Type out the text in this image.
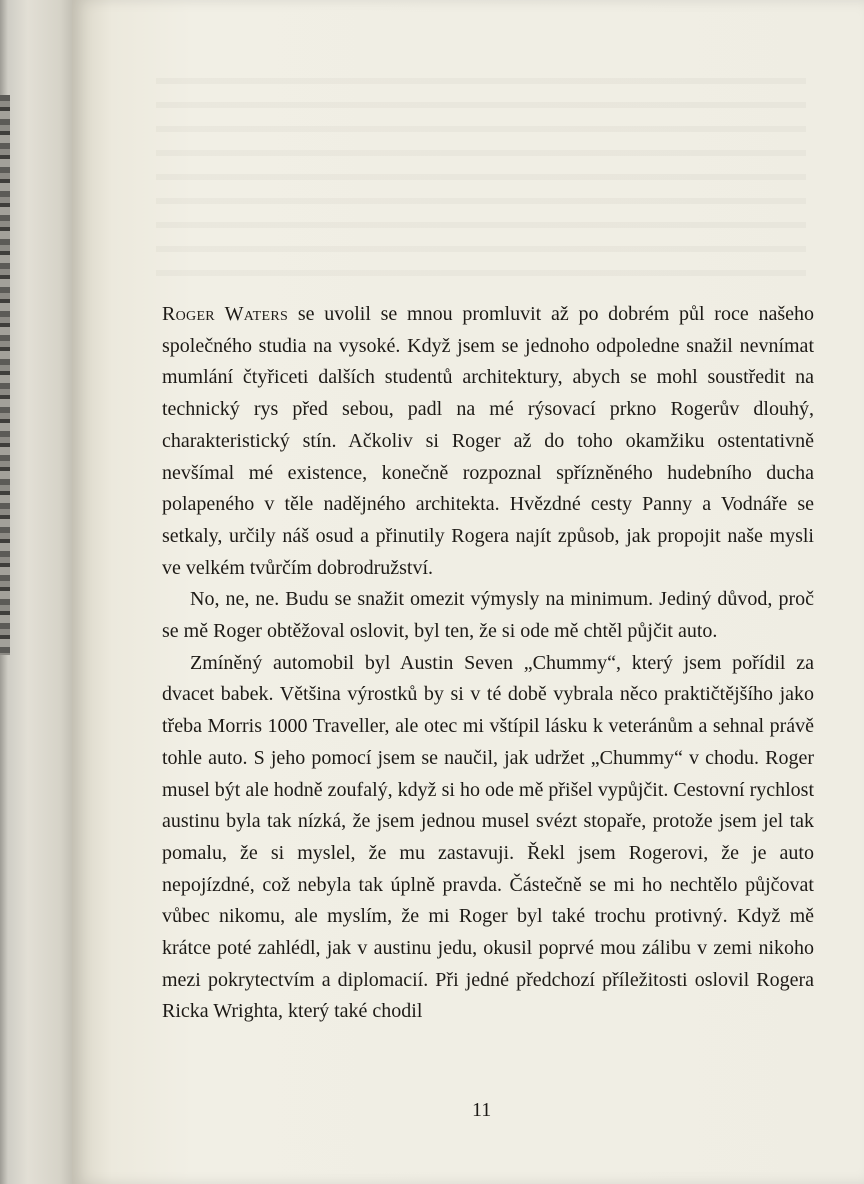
Roger Waters se uvolil se mnou promluvit až po dobrém půl roce našeho společného studia na vysoké. Když jsem se jednoho odpoledne snažil nevnímat mumlání čtyřiceti dalších studentů architektury, abych se mohl soustředit na technický rys před sebou, padl na mé rýsovací prkno Rogerův dlouhý, charakteristický stín. Ačkoliv si Roger až do toho okamžiku ostentativně nevšímal mé existence, konečně rozpoznal spřízněného hudebního ducha polapeného v těle nadějného architekta. Hvězdné cesty Panny a Vodnáře se setkaly, určily náš osud a přinutily Rogera najít způsob, jak propojit naše mysli ve velkém tvůrčím dobrodružství.

No, ne, ne. Budu se snažit omezit výmysly na minimum. Jediný důvod, proč se mě Roger obtěžoval oslovit, byl ten, že si ode mě chtěl půjčit auto.

Zmíněný automobil byl Austin Seven „Chummy“, který jsem pořídil za dvacet babek. Většina výrostků by si v té době vybrala něco praktičtějšího jako třeba Morris 1000 Traveller, ale otec mi vštípil lásku k veteránům a sehnal právě tohle auto. S jeho pomocí jsem se naučil, jak udržet „Chummy“ v chodu. Roger musel být ale hodně zoufalý, když si ho ode mě přišel vypůjčit. Cestovní rychlost austinu byla tak nízká, že jsem jednou musel svézt stopaře, protože jsem jel tak pomalu, že si myslel, že mu zastavuji. Řekl jsem Rogerovi, že je auto nepojízdné, což nebyla tak úplně pravda. Částečně se mi ho nechtělo půjčovat vůbec nikomu, ale myslím, že mi Roger byl také trochu protivný. Když mě krátce poté zahlédl, jak v austinu jedu, okusil poprvé mou zálibu v zemi nikoho mezi pokrytectvím a diplomacií. Při jedné předchozí příležitosti oslovil Rogera Ricka Wrighta, který také chodil

11
